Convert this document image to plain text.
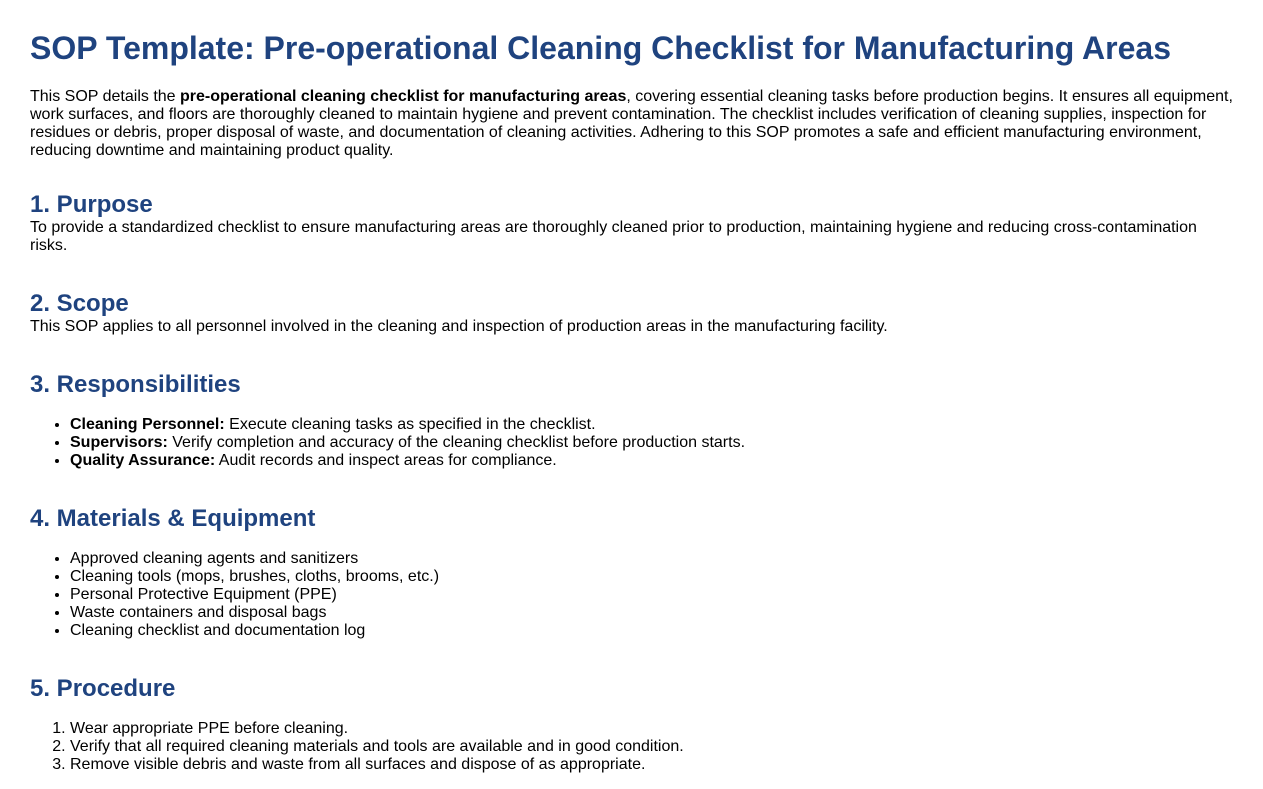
SOP Template: Pre-operational Cleaning Checklist for Manufacturing Areas

This SOP details the pre-operational cleaning checklist for manufacturing areas, covering essential cleaning tasks before production begins. It ensures all equipment, work surfaces, and floors are thoroughly cleaned to maintain hygiene and prevent contamination. The checklist includes verification of cleaning supplies, inspection for residues or debris, proper disposal of waste, and documentation of cleaning activities. Adhering to this SOP promotes a safe and efficient manufacturing environment, reducing downtime and maintaining product quality.

1. Purpose

To provide a standardized checklist to ensure manufacturing areas are thoroughly cleaned prior to production, maintaining hygiene and reducing cross-contamination risks.

2. Scope

This SOP applies to all personnel involved in the cleaning and inspection of production areas in the manufacturing facility.

3. Responsibilities
• Cleaning Personnel: Execute cleaning tasks as specified in the checklist.
• Supervisors: Verify completion and accuracy of the cleaning checklist before production starts.
• Quality Assurance: Audit records and inspect areas for compliance.
4. Materials & Equipment
• Approved cleaning agents and sanitizers
• Cleaning tools (mops, brushes, cloths, brooms, etc.)
• Personal Protective Equipment (PPE)
• Waste containers and disposal bags
• Cleaning checklist and documentation log
5. Procedure
1. Wear appropriate PPE before cleaning.
2. Verify that all required cleaning materials and tools are available and in good condition.
3. Remove visible debris and waste from all surfaces and dispose of as appropriate.
